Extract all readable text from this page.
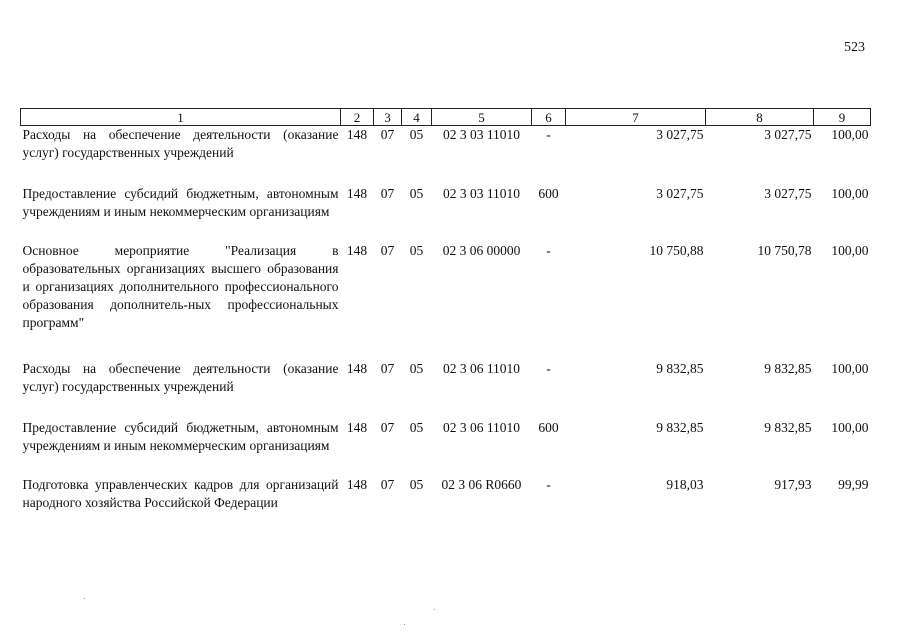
523
1	2	3	4	5	6	7	8	9
Расходы на обеспечение деятельности (оказание услуг) государственных учреждений	148	07	05	02 3 03 11010	-	3 027,75	3 027,75	100,00
Предоставление субсидий бюджетным, автономным учреждениям и иным некоммерческим организациям	148	07	05	02 3 03 11010	600	3 027,75	3 027,75	100,00
Основное мероприятие "Реализация в образовательных организациях высшего образования и организациях дополнительного профессионального образования дополнитель-ных профессиональных программ"	148	07	05	02 3 06 00000	-	10 750,88	10 750,78	100,00
Расходы на обеспечение деятельности (оказание услуг) государственных учреждений	148	07	05	02 3 06 11010	-	9 832,85	9 832,85	100,00
Предоставление субсидий бюджетным, автономным учреждениям и иным некоммерческим организациям	148	07	05	02 3 06 11010	600	9 832,85	9 832,85	100,00
Подготовка управленческих кадров для организаций народного хозяйства Российской Федерации	148	07	05	02 3 06 R0660	-	918,03	917,93	99,99
